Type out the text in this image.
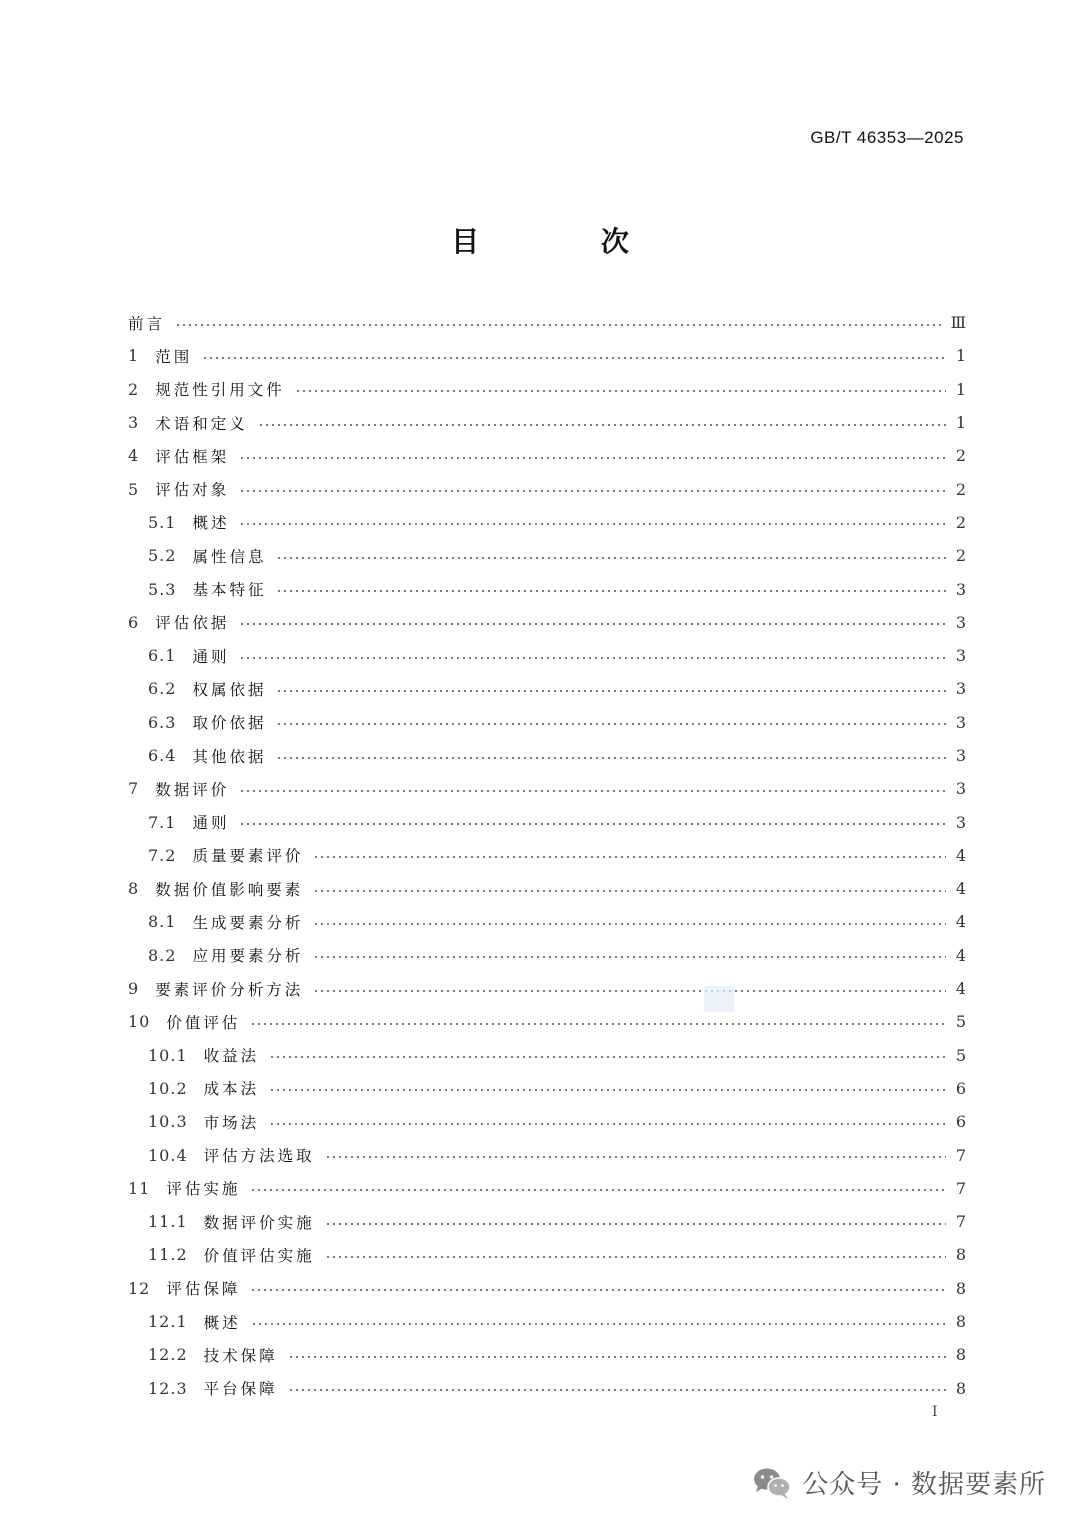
GB/T 46353—2025
目 次
前言	Ⅲ
1 范围	1
2 规范性引用文件	1
3 术语和定义	1
4 评估框架	2
5 评估对象	2
5.1 概述	2
5.2 属性信息	2
5.3 基本特征	3
6 评估依据	3
6.1 通则	3
6.2 权属依据	3
6.3 取价依据	3
6.4 其他依据	3
7 数据评价	3
7.1 通则	3
7.2 质量要素评价	4
8 数据价值影响要素	4
8.1 生成要素分析	4
8.2 应用要素分析	4
9 要素评价分析方法	4
10 价值评估	5
10.1 收益法	5
10.2 成本法	6
10.3 市场法	6
10.4 评估方法选取	7
11 评估实施	7
11.1 数据评价实施	7
11.2 价值评估实施	8
12 评估保障	8
12.1 概述	8
12.2 技术保障	8
12.3 平台保障	8
I
公众号 · 数据要素所
